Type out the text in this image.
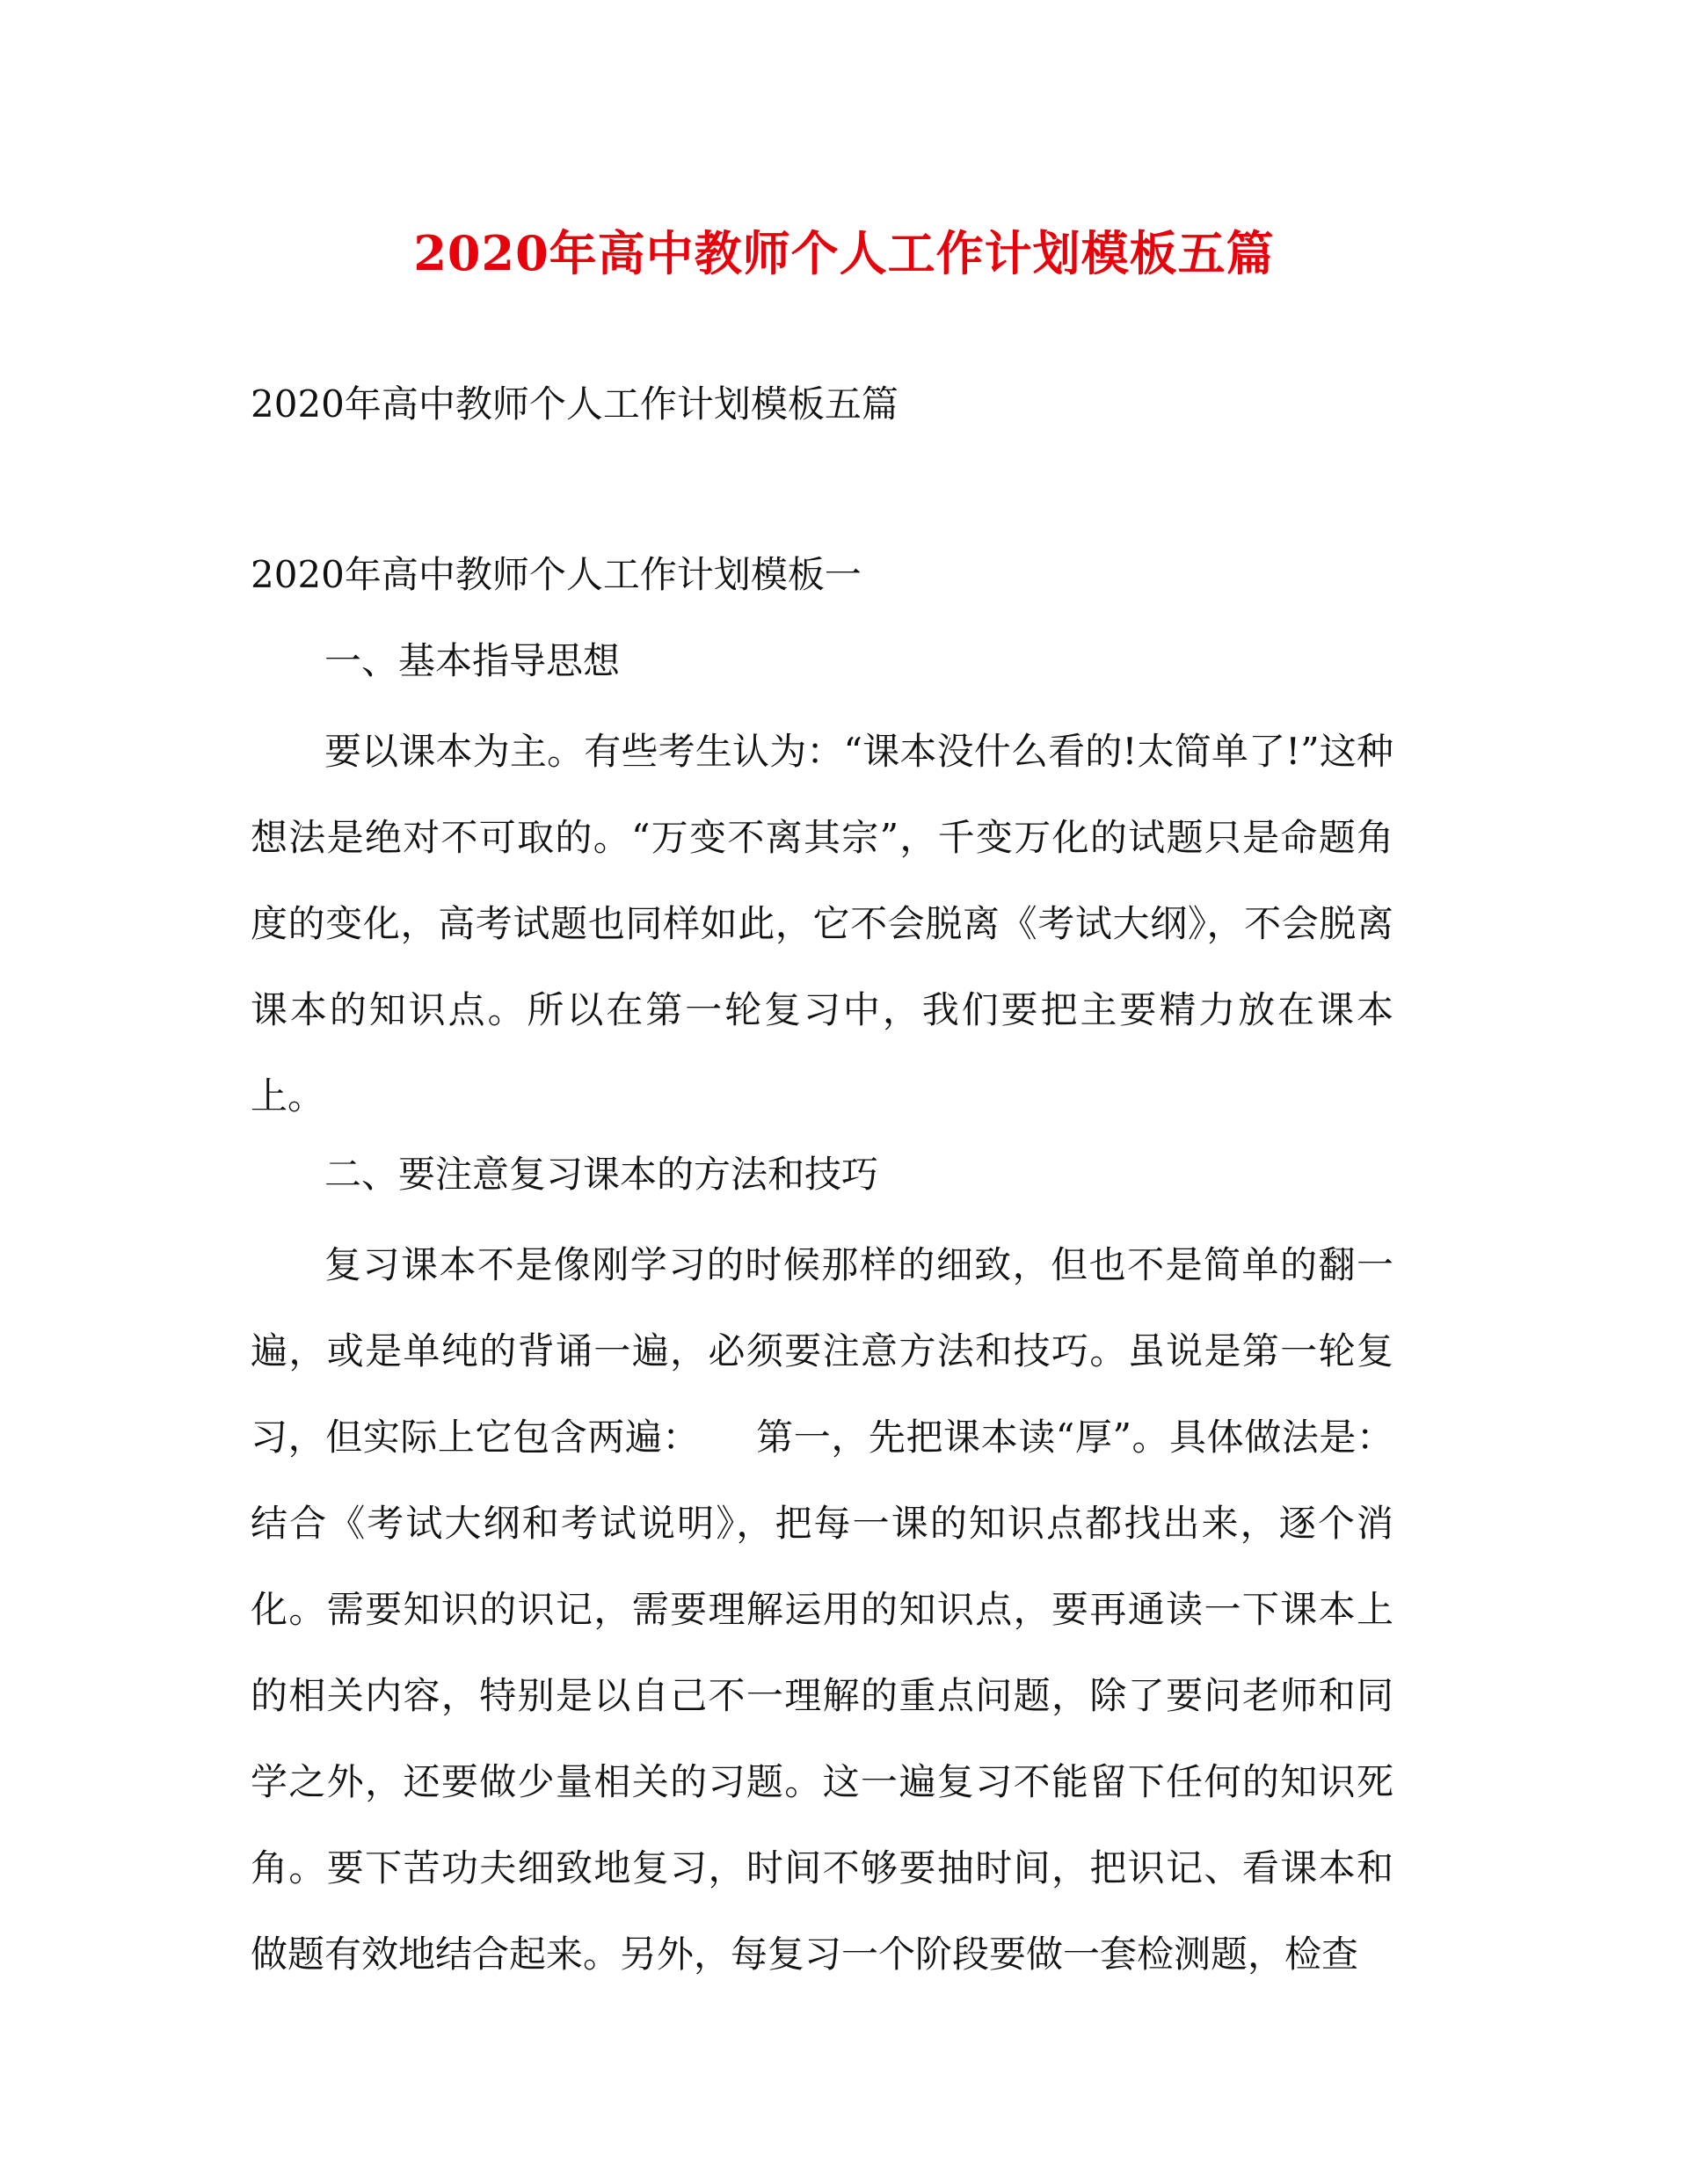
2020年高中教师个人工作计划模板五篇
2020年高中教师个人工作计划模板五篇
2020年高中教师个人工作计划模板一
一、基本指导思想
要以课本为主。有些考生认为：“课本没什么看的!太简单了!”这种想法是绝对不可取的。“万变不离其宗”，千变万化的试题只是命题角度的变化，高考试题也同样如此，它不会脱离《考试大纲》，不会脱离课本的知识点。所以在第一轮复习中，我们要把主要精力放在课本上。
二、要注意复习课本的方法和技巧
复习课本不是像刚学习的时候那样的细致，但也不是简单的翻一遍，或是单纯的背诵一遍，必须要注意方法和技巧。虽说是第一轮复习，但实际上它包含两遍：　　第一，先把课本读“厚”。具体做法是：结合《考试大纲和考试说明》，把每一课的知识点都找出来，逐个消化。需要知识的识记，需要理解运用的知识点，要再通读一下课本上的相关内容，特别是以自己不一理解的重点问题，除了要问老师和同学之外，还要做少量相关的习题。这一遍复习不能留下任何的知识死角。要下苦功夫细致地复习，时间不够要抽时间，把识记、看课本和做题有效地结合起来。另外，每复习一个阶段要做一套检测题，检查
